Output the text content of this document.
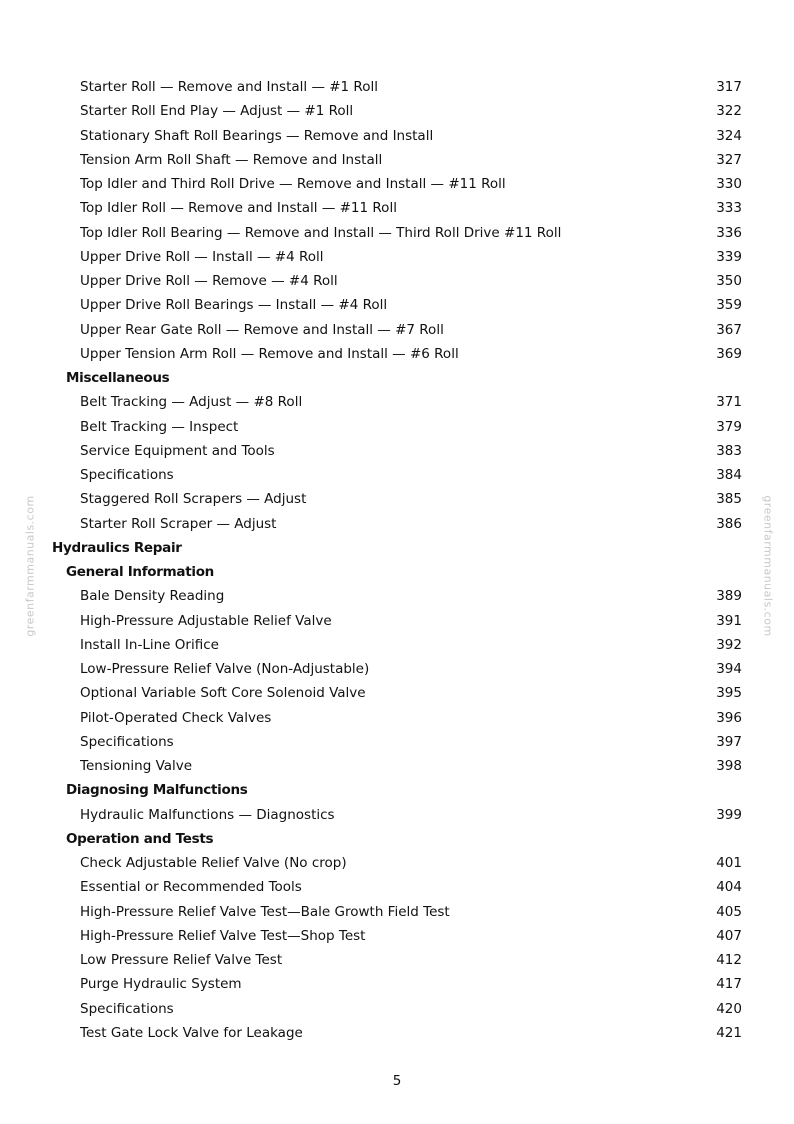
Starter Roll — Remove and Install — #1 Roll	317
Starter Roll End Play — Adjust — #1 Roll	322
Stationary Shaft Roll Bearings — Remove and Install	324
Tension Arm Roll Shaft — Remove and Install	327
Top Idler and Third Roll Drive — Remove and Install — #11 Roll	330
Top Idler Roll — Remove and Install — #11 Roll	333
Top Idler Roll Bearing — Remove and Install — Third Roll Drive #11 Roll	336
Upper Drive Roll — Install — #4 Roll	339
Upper Drive Roll — Remove — #4 Roll	350
Upper Drive Roll Bearings — Install — #4 Roll	359
Upper Rear Gate Roll — Remove and Install — #7 Roll	367
Upper Tension Arm Roll — Remove and Install — #6 Roll	369
Miscellaneous
Belt Tracking — Adjust — #8 Roll	371
Belt Tracking — Inspect	379
Service Equipment and Tools	383
Specifications	384
Staggered Roll Scrapers — Adjust	385
Starter Roll Scraper — Adjust	386
Hydraulics Repair
General Information
Bale Density Reading	389
High-Pressure Adjustable Relief Valve	391
Install In-Line Orifice	392
Low-Pressure Relief Valve (Non-Adjustable)	394
Optional Variable Soft Core Solenoid Valve	395
Pilot-Operated Check Valves	396
Specifications	397
Tensioning Valve	398
Diagnosing Malfunctions
Hydraulic Malfunctions — Diagnostics	399
Operation and Tests
Check Adjustable Relief Valve (No crop)	401
Essential or Recommended Tools	404
High-Pressure Relief Valve Test—Bale Growth Field Test	405
High-Pressure Relief Valve Test—Shop Test	407
Low Pressure Relief Valve Test	412
Purge Hydraulic System	417
Specifications	420
Test Gate Lock Valve for Leakage	421
greenfarmmanuals.com	greenfarmmanuals.com
5
